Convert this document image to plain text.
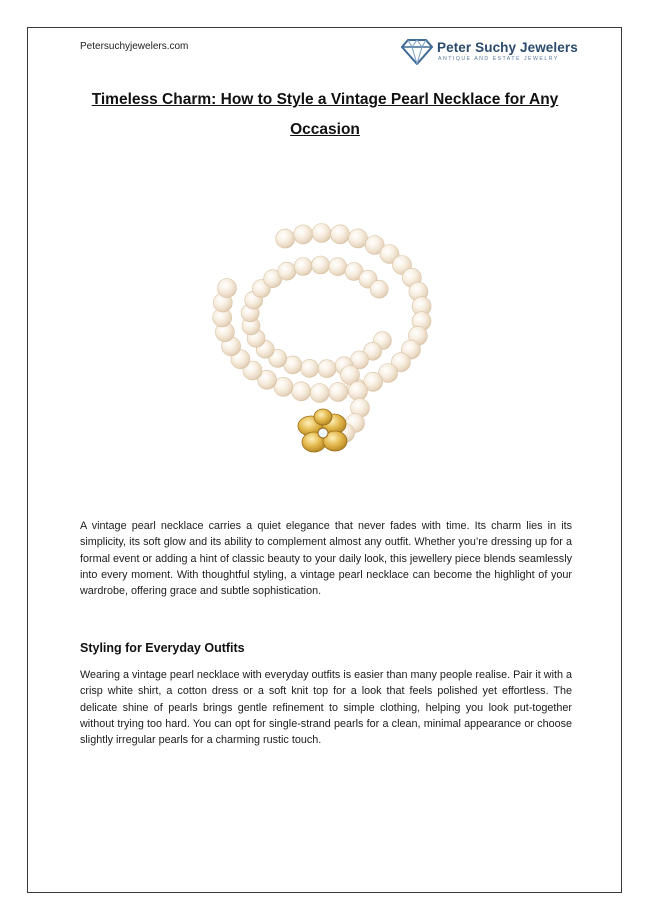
Petersuchyjewelers.com	Peter Suchy Jewelers
ANTIQUE AND ESTATE JEWELRY
Timeless Charm: How to Style a Vintage Pearl Necklace for Any Occasion

A vintage pearl necklace carries a quiet elegance that never fades with time. Its charm lies in its simplicity, its soft glow and its ability to complement almost any outfit. Whether you’re dressing up for a formal event or adding a hint of classic beauty to your daily look, this jewellery piece blends seamlessly into every moment. With thoughtful styling, a vintage pearl necklace can become the highlight of your wardrobe, offering grace and subtle sophistication.

Styling for Everyday Outfits

Wearing a vintage pearl necklace with everyday outfits is easier than many people realise. Pair it with a crisp white shirt, a cotton dress or a soft knit top for a look that feels polished yet effortless. The delicate shine of pearls brings gentle refinement to simple clothing, helping you look put-together without trying too hard. You can opt for single-strand pearls for a clean, minimal appearance or choose slightly irregular pearls for a charming rustic touch.
